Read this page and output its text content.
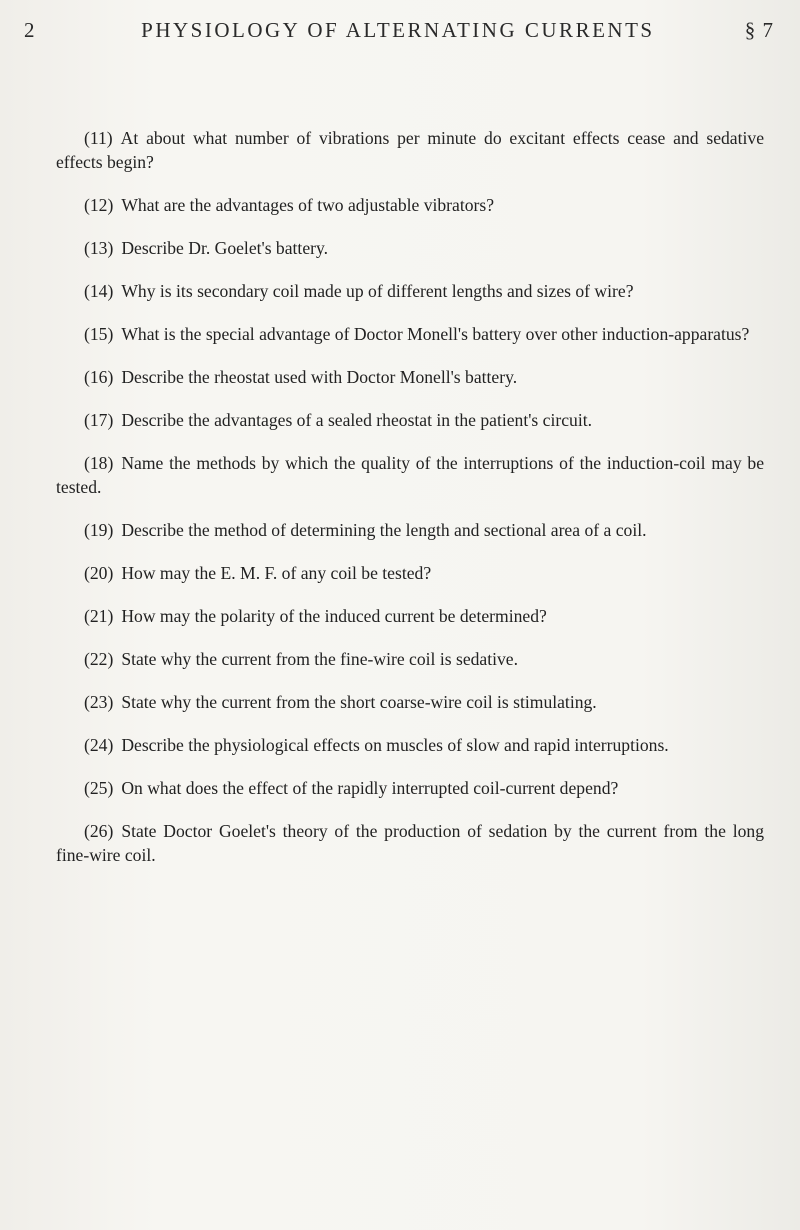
2	PHYSIOLOGY OF ALTERNATING CURRENTS	§ 7

(11) At about what number of vibrations per minute do excitant effects cease and sedative effects begin?

(12) What are the advantages of two adjustable vibrators?

(13) Describe Dr. Goelet's battery.

(14) Why is its secondary coil made up of different lengths and sizes of wire?

(15) What is the special advantage of Doctor Monell's battery over other induction-apparatus?

(16) Describe the rheostat used with Doctor Monell's battery.

(17) Describe the advantages of a sealed rheostat in the patient's circuit.

(18) Name the methods by which the quality of the interruptions of the induction-coil may be tested.

(19) Describe the method of determining the length and sectional area of a coil.

(20) How may the E. M. F. of any coil be tested?

(21) How may the polarity of the induced current be determined?

(22) State why the current from the fine-wire coil is sedative.

(23) State why the current from the short coarse-wire coil is stimulating.

(24) Describe the physiological effects on muscles of slow and rapid interruptions.

(25) On what does the effect of the rapidly interrupted coil-current depend?

(26) State Doctor Goelet's theory of the production of sedation by the current from the long fine-wire coil.
